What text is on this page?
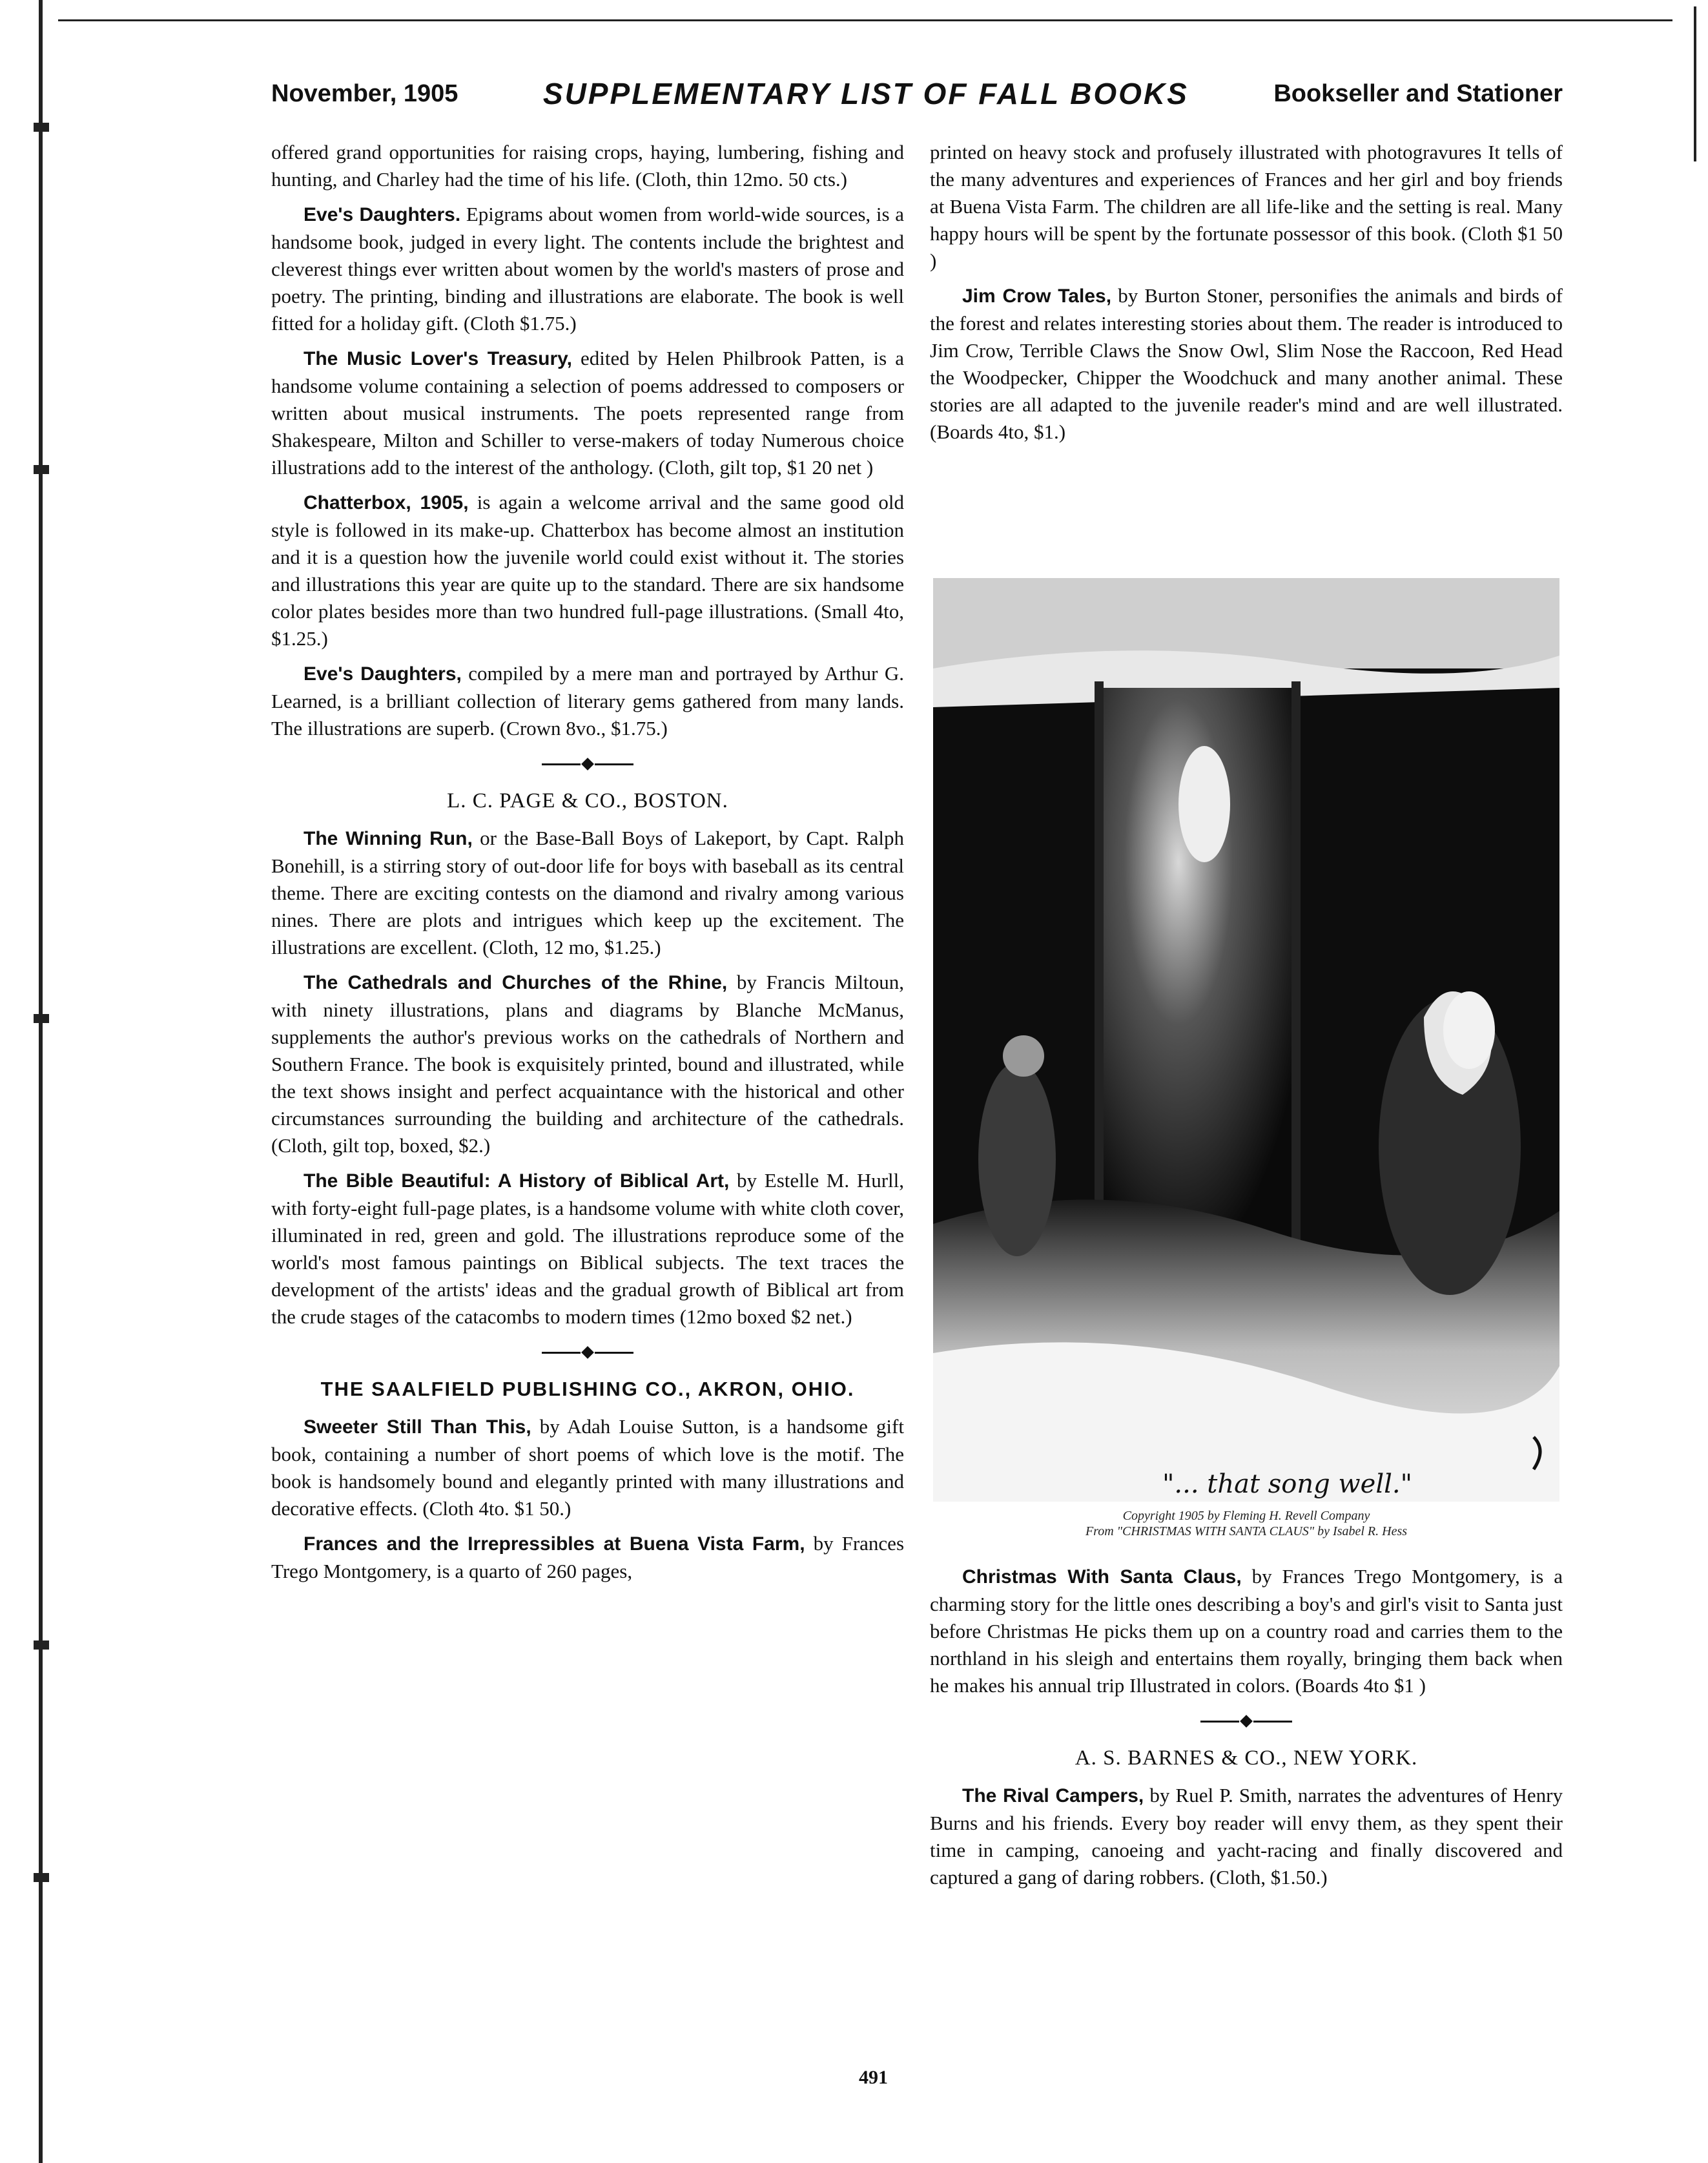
November, 1905	SUPPLEMENTARY LIST OF FALL BOOKS	Bookseller and Stationer

offered grand opportunities for raising crops, haying, lumbering, fishing and hunting, and Charley had the time of his life. (Cloth, thin 12mo. 50 cts.)

Eve's Daughters. Epigrams about women from world-wide sources, is a handsome book, judged in every light. The contents include the brightest and cleverest things ever written about women by the world's masters of prose and poetry. The printing, binding and illustrations are elaborate. The book is well fitted for a holiday gift. (Cloth $1.75.)

The Music Lover's Treasury, edited by Helen Philbrook Patten, is a handsome volume containing a selection of poems addressed to composers or written about musical instruments. The poets represented range from Shakespeare, Milton and Schiller to verse-makers of today Numerous choice illustrations add to the interest of the anthology. (Cloth, gilt top, $1 20 net )

Chatterbox, 1905, is again a welcome arrival and the same good old style is followed in its make-up. Chatterbox has become almost an institution and it is a question how the juvenile world could exist without it. The stories and illustrations this year are quite up to the standard. There are six handsome color plates besides more than two hundred full-page illustrations. (Small 4to, $1.25.)

Eve's Daughters, compiled by a mere man and portrayed by Arthur G. Learned, is a brilliant collection of literary gems gathered from many lands. The illustrations are superb. (Crown 8vo., $1.75.)

L. C. PAGE & CO., BOSTON.

The Winning Run, or the Base-Ball Boys of Lakeport, by Capt. Ralph Bonehill, is a stirring story of out-door life for boys with baseball as its central theme. There are exciting contests on the diamond and rivalry among various nines. There are plots and intrigues which keep up the excitement. The illustrations are excellent. (Cloth, 12 mo, $1.25.)

The Cathedrals and Churches of the Rhine, by Francis Miltoun, with ninety illustrations, plans and diagrams by Blanche McManus, supplements the author's previous works on the cathedrals of Northern and Southern France. The book is exquisitely printed, bound and illustrated, while the text shows insight and perfect acquaintance with the historical and other circumstances surrounding the building and architecture of the cathedrals. (Cloth, gilt top, boxed, $2.)

The Bible Beautiful: A History of Biblical Art, by Estelle M. Hurll, with forty-eight full-page plates, is a handsome volume with white cloth cover, illuminated in red, green and gold. The illustrations reproduce some of the world's most famous paintings on Biblical subjects. The text traces the development of the artists' ideas and the gradual growth of Biblical art from the crude stages of the catacombs to modern times (12mo boxed $2 net.)

THE SAALFIELD PUBLISHING CO., AKRON, OHIO.

Sweeter Still Than This, by Adah Louise Sutton, is a handsome gift book, containing a number of short poems of which love is the motif. The book is handsomely bound and elegantly printed with many illustrations and decorative effects. (Cloth 4to. $1 50.)

Frances and the Irrepressibles at Buena Vista Farm, by Frances Trego Montgomery, is a quarto of 260 pages,

printed on heavy stock and profusely illustrated with photogravures It tells of the many adventures and experiences of Frances and her girl and boy friends at Buena Vista Farm. The children are all life-like and the setting is real. Many happy hours will be spent by the fortunate possessor of this book. (Cloth $1 50 )

Jim Crow Tales, by Burton Stoner, personifies the animals and birds of the forest and relates interesting stories about them. The reader is introduced to Jim Crow, Terrible Claws the Snow Owl, Slim Nose the Raccoon, Red Head the Woodpecker, Chipper the Woodchuck and many another animal. These stories are all adapted to the juvenile reader's mind and are well illustrated. (Boards 4to, $1.)

"... that song well."
Copyright 1905 by Fleming H. Revell Company
From "CHRISTMAS WITH SANTA CLAUS" by Isabel R. Hess

Christmas With Santa Claus, by Frances Trego Montgomery, is a charming story for the little ones describing a boy's and girl's visit to Santa just before Christmas He picks them up on a country road and carries them to the northland in his sleigh and entertains them royally, bringing them back when he makes his annual trip Illustrated in colors. (Boards 4to $1 )

A. S. BARNES & CO., NEW YORK.

The Rival Campers, by Ruel P. Smith, narrates the adventures of Henry Burns and his friends. Every boy reader will envy them, as they spent their time in camping, canoeing and yacht-racing and finally discovered and captured a gang of daring robbers. (Cloth, $1.50.)

491
